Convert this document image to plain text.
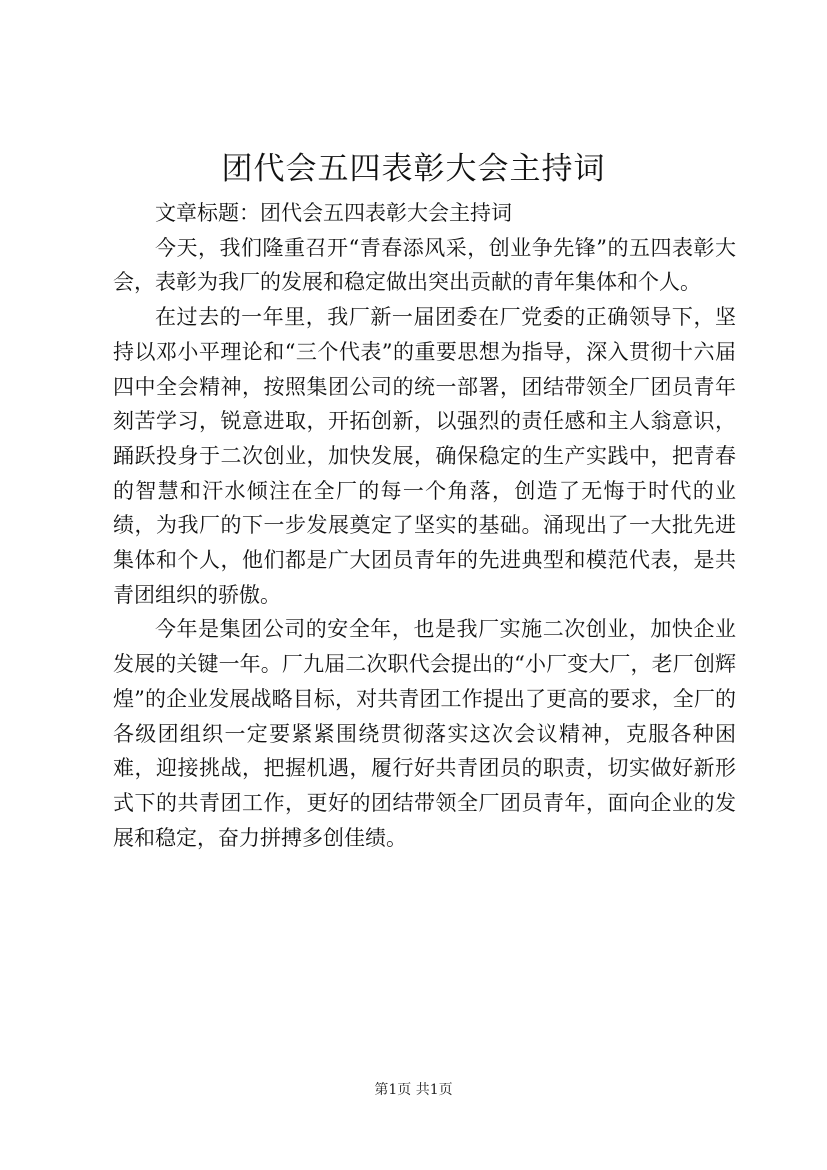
团代会五四表彰大会主持词

文章标题：团代会五四表彰大会主持词

今天，我们隆重召开“青春添风采，创业争先锋”的五四表彰大会，表彰为我厂的发展和稳定做出突出贡献的青年集体和个人。

在过去的一年里，我厂新一届团委在厂党委的正确领导下，坚持以邓小平理论和“三个代表”的重要思想为指导，深入贯彻十六届四中全会精神，按照集团公司的统一部署，团结带领全厂团员青年刻苦学习，锐意进取，开拓创新，以强烈的责任感和主人翁意识，踊跃投身于二次创业，加快发展，确保稳定的生产实践中，把青春的智慧和汗水倾注在全厂的每一个角落，创造了无悔于时代的业绩，为我厂的下一步发展奠定了坚实的基础。涌现出了一大批先进集体和个人，他们都是广大团员青年的先进典型和模范代表，是共青团组织的骄傲。

今年是集团公司的安全年，也是我厂实施二次创业，加快企业发展的关键一年。厂九届二次职代会提出的“小厂变大厂，老厂创辉煌”的企业发展战略目标，对共青团工作提出了更高的要求，全厂的各级团组织一定要紧紧围绕贯彻落实这次会议精神，克服各种困难，迎接挑战，把握机遇，履行好共青团员的职责，切实做好新形式下的共青团工作，更好的团结带领全厂团员青年，面向企业的发展和稳定，奋力拼搏多创佳绩。

第1页 共1页
